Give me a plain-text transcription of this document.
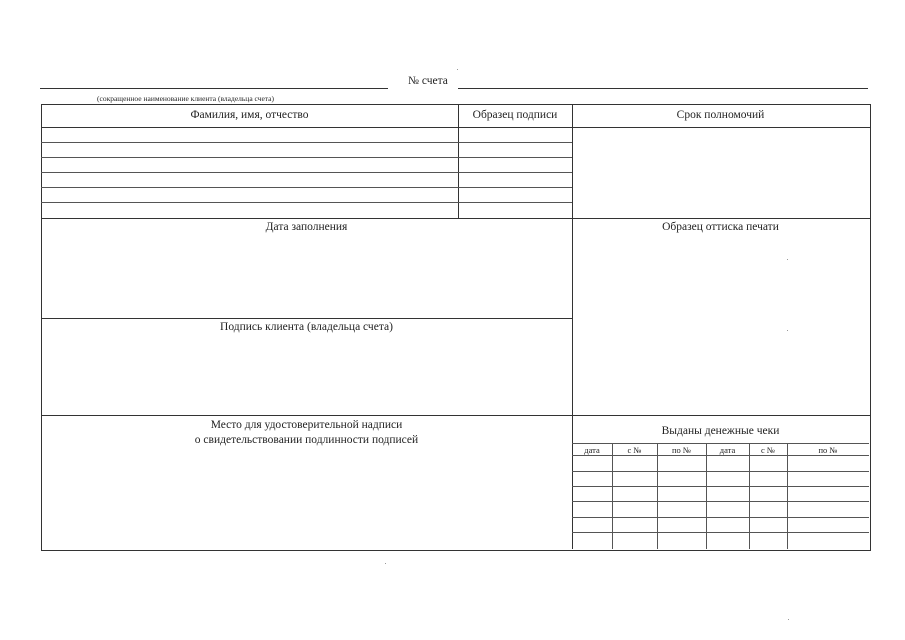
№ счета
(сокращенное наименование клиента (владельца счета)
Фамилия, имя, отчество	Образец подписи	Срок полномочий
Дата заполнения	Образец оттиска печати
Подпись клиента (владельца счета)
Место для удостоверительной надписи
о свидетельствовании подлинности подписей
Выданы денежные чеки
дата	с №	по №	дата	с №	по №
